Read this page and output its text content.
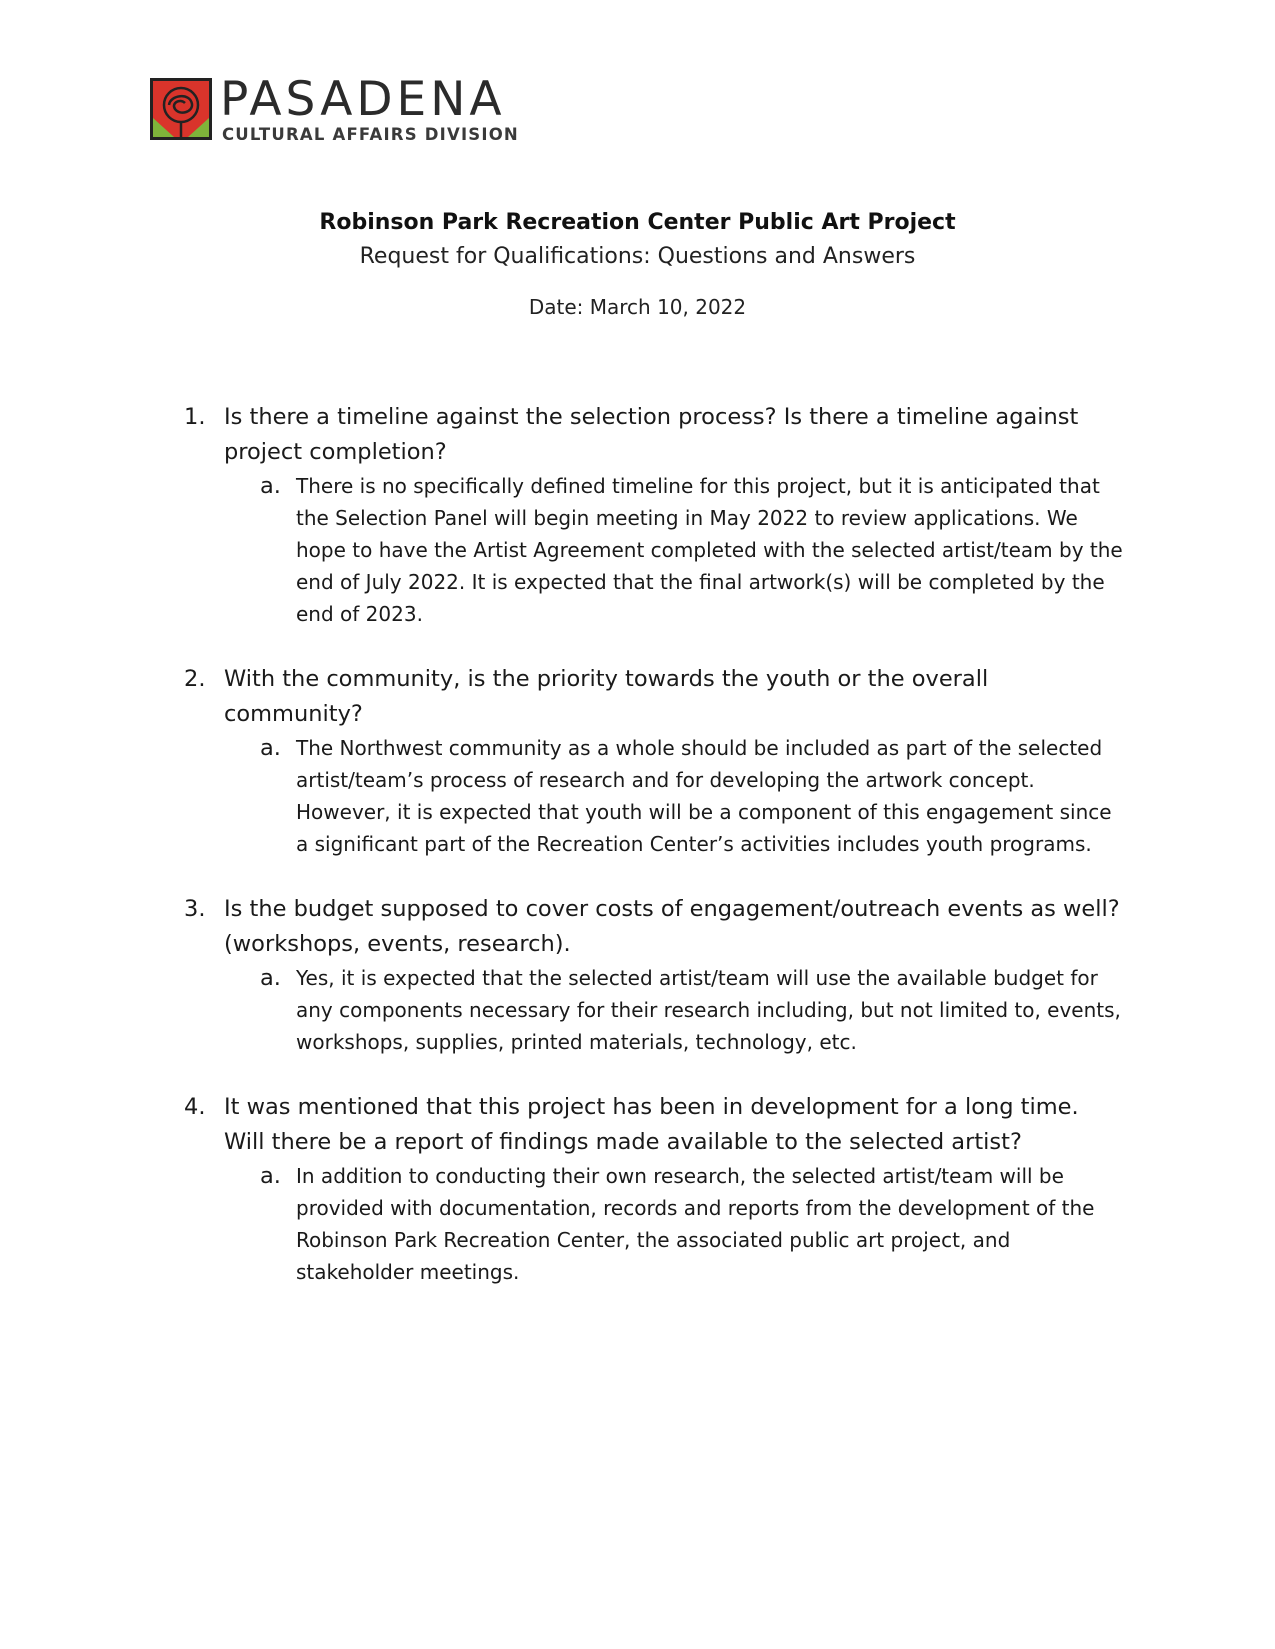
PASADENA
CULTURAL AFFAIRS DIVISION
Robinson Park Recreation Center Public Art Project
Request for Qualifications: Questions and Answers
Date: March 10, 2022
1. Is there a timeline against the selection process? Is there a timeline against project completion?
a. There is no specifically defined timeline for this project, but it is anticipated that the Selection Panel will begin meeting in May 2022 to review applications. We hope to have the Artist Agreement completed with the selected artist/team by the end of July 2022. It is expected that the final artwork(s) will be completed by the end of 2023.
2. With the community, is the priority towards the youth or the overall community?
a. The Northwest community as a whole should be included as part of the selected artist/team’s process of research and for developing the artwork concept. However, it is expected that youth will be a component of this engagement since a significant part of the Recreation Center’s activities includes youth programs.
3. Is the budget supposed to cover costs of engagement/outreach events as well? (workshops, events, research).
a. Yes, it is expected that the selected artist/team will use the available budget for any components necessary for their research including, but not limited to, events, workshops, supplies, printed materials, technology, etc.
4. It was mentioned that this project has been in development for a long time. Will there be a report of findings made available to the selected artist?
a. In addition to conducting their own research, the selected artist/team will be provided with documentation, records and reports from the development of the Robinson Park Recreation Center, the associated public art project, and stakeholder meetings.
